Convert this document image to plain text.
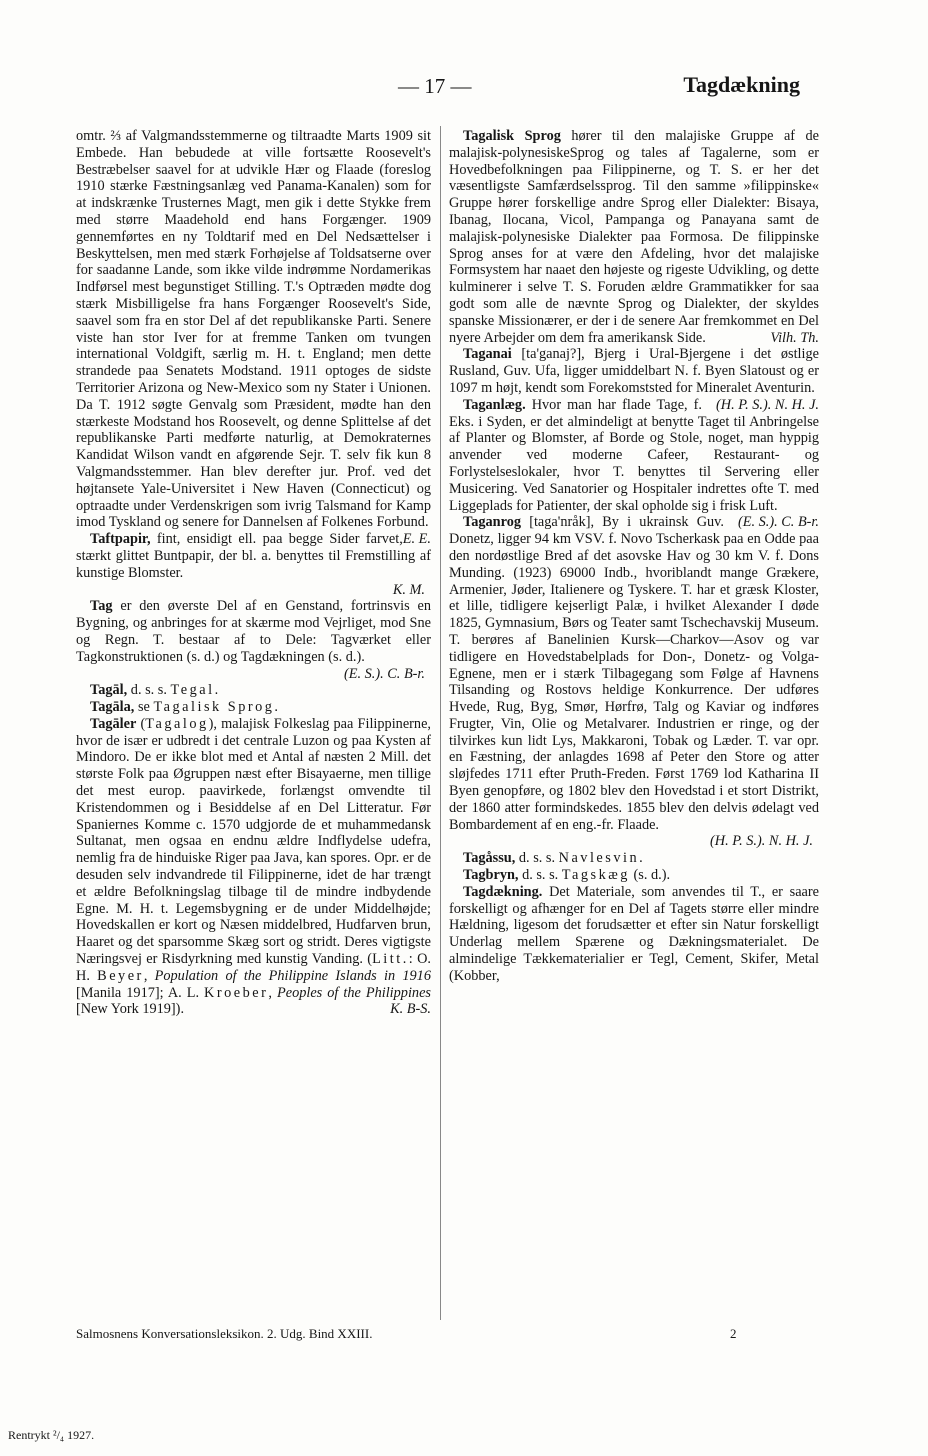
— 17 —	Tagdækning

omtr. ⅔ af Valgmandsstemmerne og tiltraadte Marts 1909 sit Embede. Han bebudede at ville fortsætte Roosevelt's Bestræbelser saavel for at udvikle Hær og Flaade (foreslog 1910 stærke Fæstningsanlæg ved Panama-Kanalen) som for at indskrænke Trusternes Magt, men gik i dette Stykke frem med større Maadehold end hans Forgænger. 1909 gennemførtes en ny Toldtarif med en Del Nedsættelser i Beskyttelsen, men med stærk Forhøjelse af Toldsatserne over for saadanne Lande, som ikke vilde indrømme Nordamerikas Indførsel mest begunstiget Stilling. T.'s Optræden mødte dog stærk Misbilligelse fra hans Forgænger Roosevelt's Side, saavel som fra en stor Del af det republikanske Parti. Senere viste han stor Iver for at fremme Tanken om tvungen international Voldgift, særlig m. H. t. England; men dette strandede paa Senatets Modstand. 1911 optoges de sidste Territorier Arizona og New-Mexico som ny Stater i Unionen. Da T. 1912 søgte Genvalg som Præsident, mødte han den stærkeste Modstand hos Roosevelt, og denne Splittelse af det republikanske Parti medførte naturlig, at Demokraternes Kandidat Wilson vandt en afgørende Sejr. T. selv fik kun 8 Valgmandsstemmer. Han blev derefter jur. Prof. ved det højtansete Yale-Universitet i New Haven (Connecticut) og optraadte under Verdenskrigen som ivrig Talsmand for Kamp imod Tyskland og senere for Dannelsen af Folkenes Forbund.
E. E.

Taftpapir, fint, ensidigt ell. paa begge Sider farvet, stærkt glittet Buntpapir, der bl. a. benyttes til Fremstilling af kunstige Blomster.
K. M.

Tag er den øverste Del af en Genstand, fortrinsvis en Bygning, og anbringes for at skærme mod Vejrliget, mod Sne og Regn. T. bestaar af to Dele: Tagværket eller Tagkonstruktionen (s. d.) og Tagdækningen (s. d.).
(E. S.). C. B-r.

Tagāl, d. s. s. Tegal.

Tagāla, se Tagalisk Sprog.

Tagāler (Tagalog), malajisk Folkeslag paa Filippinerne, hvor de især er udbredt i det centrale Luzon og paa Kysten af Mindoro. De er ikke blot med et Antal af næsten 2 Mill. det største Folk paa Øgruppen næst efter Bisayaerne, men tillige det mest europ. paavirkede, forlængst omvendte til Kristendommen og i Besiddelse af en Del Litteratur. Før Spaniernes Komme c. 1570 udgjorde de et muhammedansk Sultanat, men ogsaa en endnu ældre Indflydelse udefra, nemlig fra de hinduiske Riger paa Java, kan spores. Opr. er de desuden selv indvandrede til Filippinerne, idet de har trængt et ældre Befolkningslag tilbage til de mindre indbydende Egne. M. H. t. Legemsbygning er de under Middelhøjde; Hovedskallen er kort og Næsen middelbred, Hudfarven brun, Haaret og det sparsomme Skæg sort og stridt. Deres vigtigste Næringsvej er Risdyrkning med kunstig Vanding. (Litt.: O. H. Beyer, Population of the Philippine Islands in 1916 [Manila 1917]; A. L. Kroeber, Peoples of the Philippines [New York 1919]).	K. B-S.

Tagalisk Sprog hører til den malajiske Gruppe af de malajisk-polynesiskeSprog og tales af Tagalerne, som er Hovedbefolkningen paa Filippinerne, og T. S. er her det væsentligste Samfærdselssprog. Til den samme »filippinske« Gruppe hører forskellige andre Sprog eller Dialekter: Bisaya, Ibanag, Ilocana, Vicol, Pampanga og Panayana samt de malajisk-polynesiske Dialekter paa Formosa. De filippinske Sprog anses for at være den Afdeling, hvor det malajiske Formsystem har naaet den højeste og rigeste Udvikling, og dette kulminerer i selve T. S. Foruden ældre Grammatikker for saa godt som alle de nævnte Sprog og Dialekter, der skyldes spanske Missionærer, er der i de senere Aar fremkommet en Del nyere Arbejder om dem fra amerikansk Side.	Vilh. Th.

Taganai [ta'ganaj?], Bjerg i Ural-Bjergene i det østlige Rusland, Guv. Ufa, ligger umiddelbart N. f. Byen Slatoust og er 1097 m højt, kendt som Forekomststed for Mineralet Aventurin.
(H. P. S.). N. H. J.

Taganlæg. Hvor man har flade Tage, f. Eks. i Syden, er det almindeligt at benytte Taget til Anbringelse af Planter og Blomster, af Borde og Stole, noget, man hyppig anvender ved moderne Cafeer, Restaurant- og Forlystelseslokaler, hvor T. benyttes til Servering eller Musicering. Ved Sanatorier og Hospitaler indrettes ofte T. med Liggeplads for Patienter, der skal opholde sig i frisk Luft.
(E. S.). C. B-r.

Taganrog [taga'nråk], By i ukrainsk Guv. Donetz, ligger 94 km VSV. f. Novo Tscherkask paa en Odde paa den nordøstlige Bred af det asovske Hav og 30 km V. f. Dons Munding. (1923) 69000 Indb., hvoriblandt mange Grækere, Armenier, Jøder, Italienere og Tyskere. T. har et græsk Kloster, et lille, tidligere kejserligt Palæ, i hvilket Alexander I døde 1825, Gymnasium, Børs og Teater samt Tschechavskij Museum. T. berøres af Banelinien Kursk—Charkov—Asov og var tidligere en Hovedstabelplads for Don-, Donetz- og Volga-Egnene, men er i stærk Tilbagegang som Følge af Havnens Tilsanding og Rostovs heldige Konkurrence. Der udføres Hvede, Rug, Byg, Smør, Hørfrø, Talg og Kaviar og indføres Frugter, Vin, Olie og Metalvarer. Industrien er ringe, og der tilvirkes kun lidt Lys, Makkaroni, Tobak og Læder. T. var opr. en Fæstning, der anlagdes 1698 af Peter den Store og atter sløjfedes 1711 efter Pruth-Freden. Først 1769 lod Katharina II Byen genopføre, og 1802 blev den Hovedstad i et stort Distrikt, der 1860 atter formindskedes. 1855 blev den delvis ødelagt ved Bombardement af en eng.-fr. Flaade.
(H. P. S.). N. H. J.

Tagåssu, d. s. s. Navlesvin.

Tagbryn, d. s. s. Tagskæg (s. d.).

Tagdækning. Det Materiale, som anvendes til T., er saare forskelligt og afhænger for en Del af Tagets større eller mindre Hældning, ligesom det forudsætter et efter sin Natur forskelligt Underlag mellem Spærene og Dækningsmaterialet. De almindelige Tækkematerialier er Tegl, Cement, Skifer, Metal (Kobber,

Salmosnens Konversationsleksikon. 2. Udg. Bind XXIII.	2
Rentrykt ²/₄ 1927.
